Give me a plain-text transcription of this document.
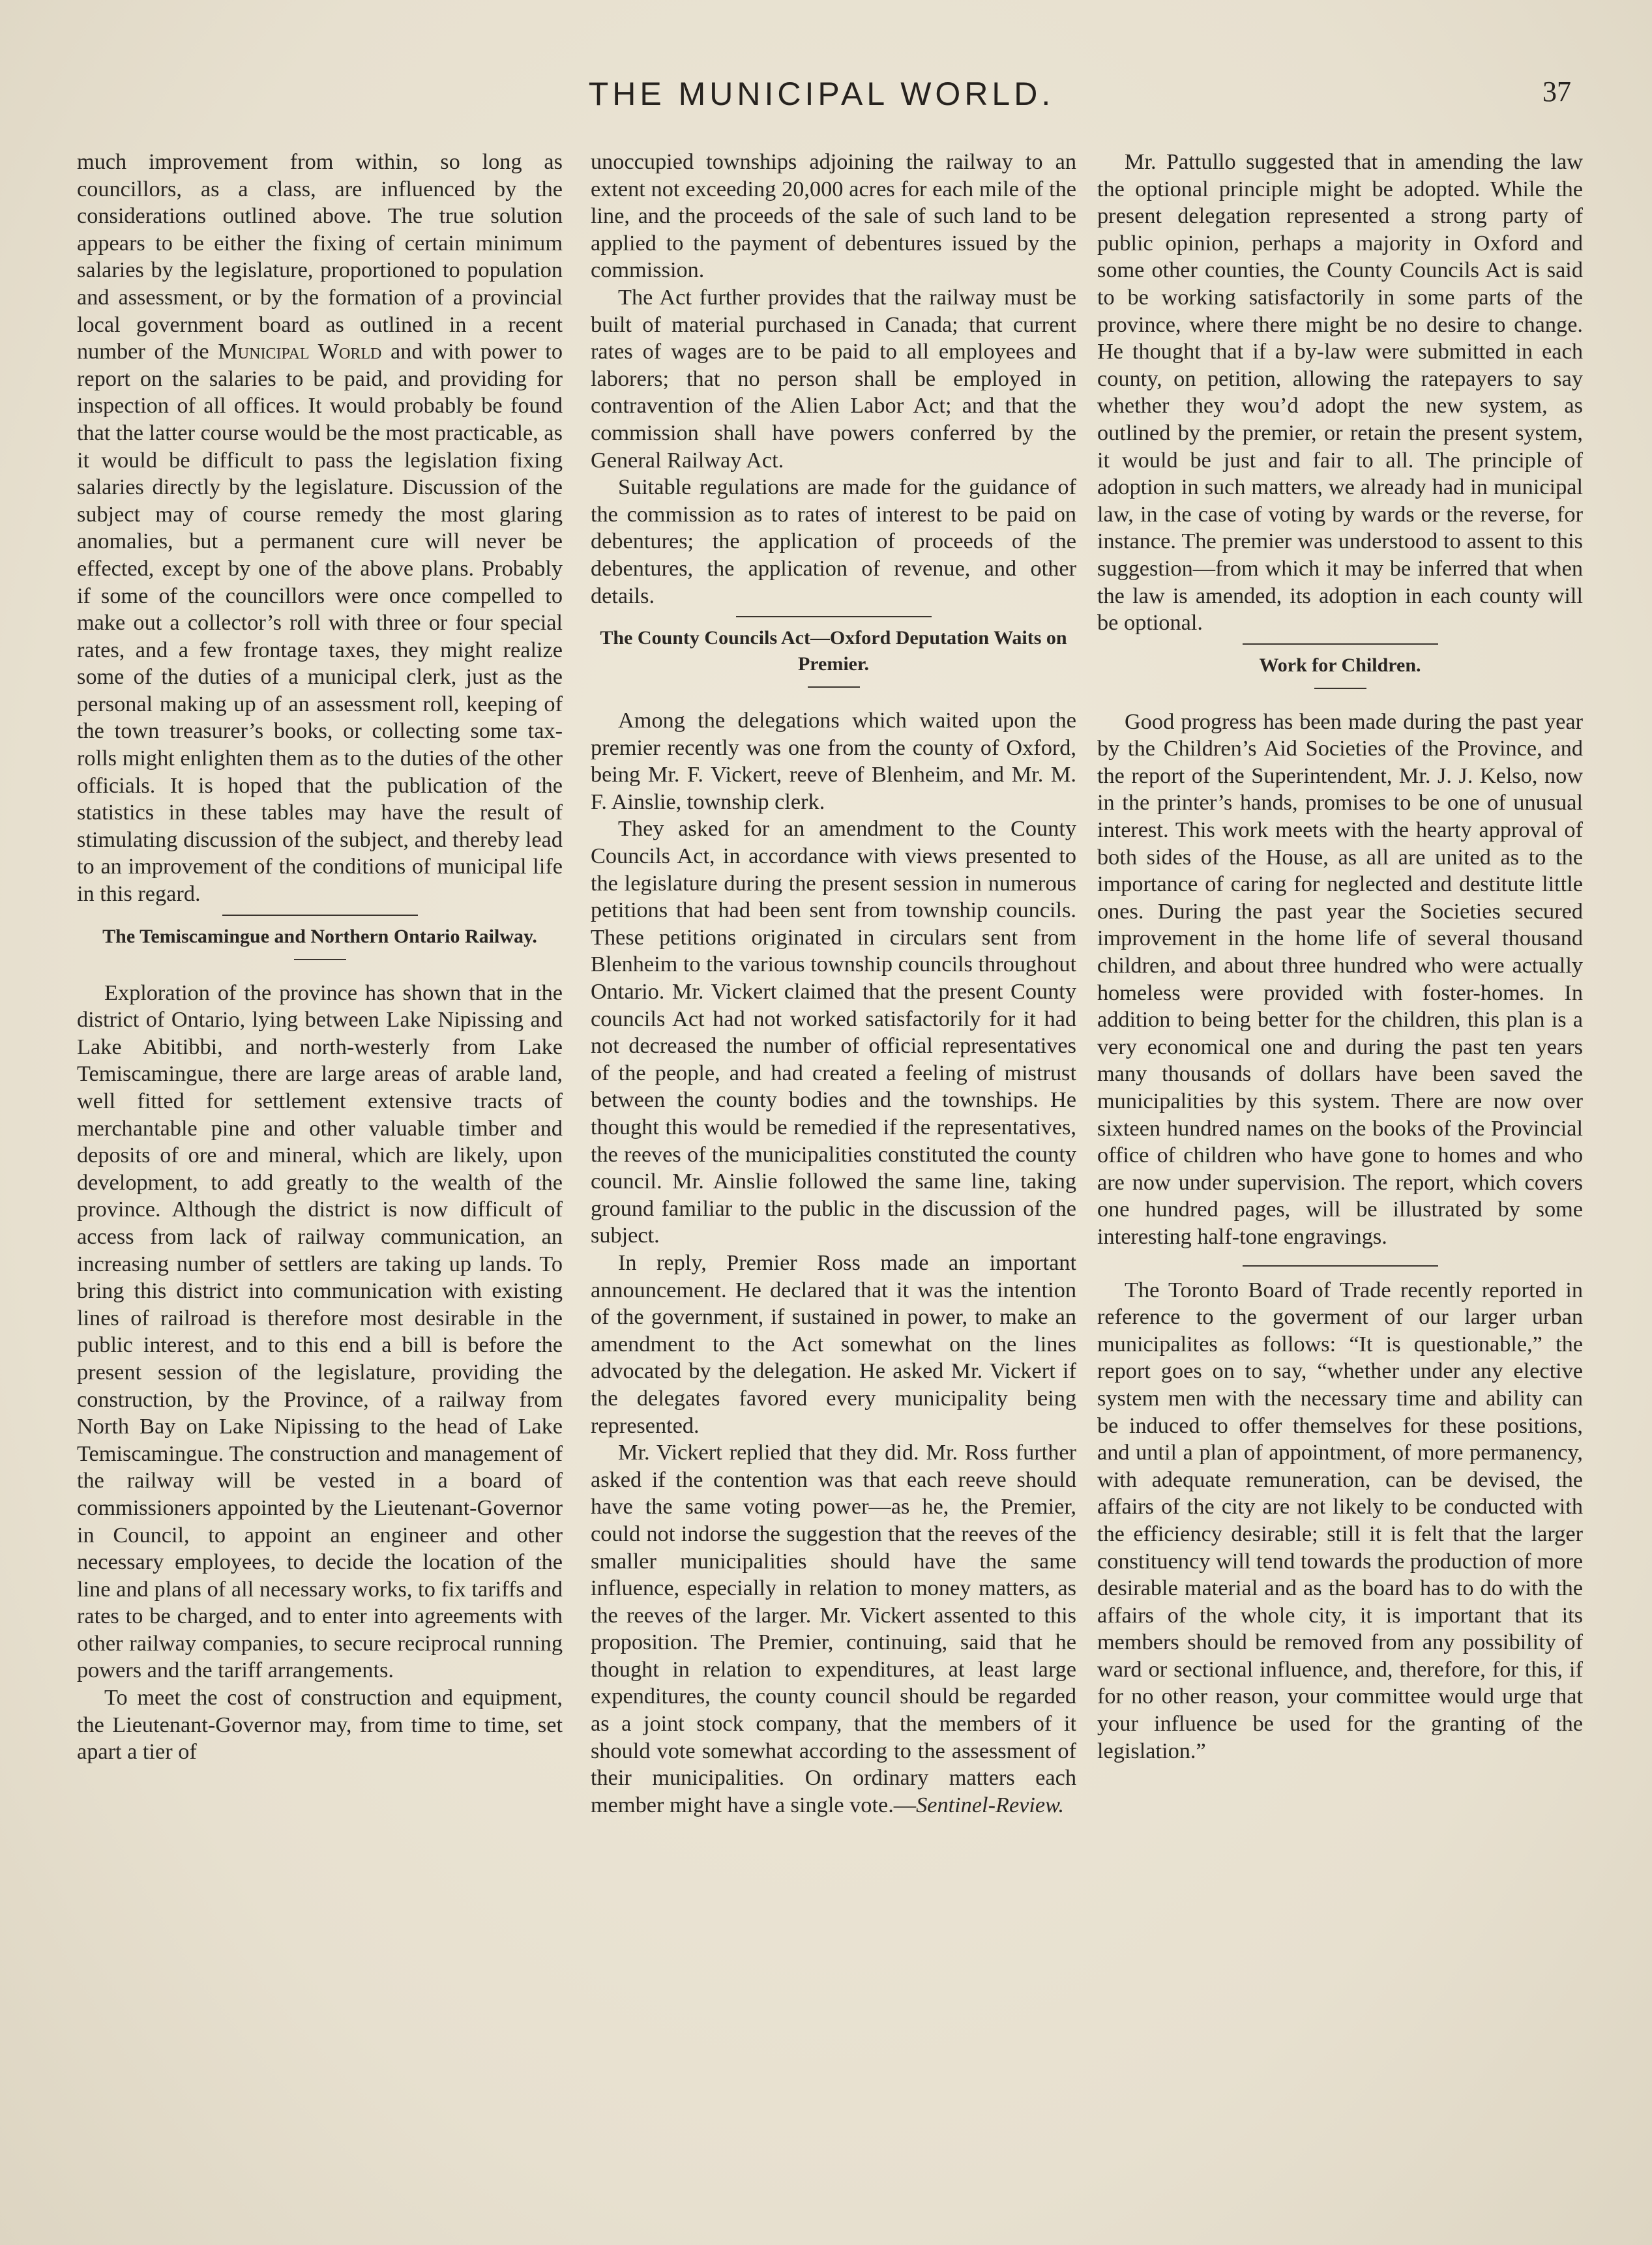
THE MUNICIPAL WORLD.	37

much improvement from within, so long as councillors, as a class, are influenced by the considerations outlined above. The true solution appears to be either the fixing of certain minimum salaries by the legislature, proportioned to population and assessment, or by the formation of a provincial local government board as outlined in a recent number of the Municipal World and with power to report on the salaries to be paid, and providing for inspection of all offices. It would probably be found that the latter course would be the most practicable, as it would be difficult to pass the legislation fixing salaries directly by the legislature. Discussion of the subject may of course remedy the most glaring anomalies, but a permanent cure will never be effected, except by one of the above plans. Probably if some of the councillors were once compelled to make out a collector’s roll with three or four special rates, and a few frontage taxes, they might realize some of the duties of a municipal clerk, just as the personal making up of an assessment roll, keeping of the town treasurer’s books, or collecting some tax-rolls might enlighten them as to the duties of the other officials. It is hoped that the publication of the statistics in these tables may have the result of stimulating discussion of the subject, and thereby lead to an improvement of the conditions of municipal life in this regard.

The Temiscamingue and Northern Ontario Railway.

Exploration of the province has shown that in the district of Ontario, lying between Lake Nipissing and Lake Abitibbi, and north-westerly from Lake Temiscamingue, there are large areas of arable land, well fitted for settlement extensive tracts of merchantable pine and other valuable timber and deposits of ore and mineral, which are likely, upon development, to add greatly to the wealth of the province. Although the district is now difficult of access from lack of railway communication, an increasing number of settlers are taking up lands. To bring this district into communication with existing lines of railroad is therefore most desirable in the public interest, and to this end a bill is before the present session of the legislature, providing the construction, by the Province, of a railway from North Bay on Lake Nipissing to the head of Lake Temiscamingue. The construction and management of the railway will be vested in a board of commissioners appointed by the Lieutenant-Governor in Council, to appoint an engineer and other necessary employees, to decide the location of the line and plans of all necessary works, to fix tariffs and rates to be charged, and to enter into agreements with other railway companies, to secure reciprocal running powers and the tariff arrangements.

To meet the cost of construction and equipment, the Lieutenant-Governor may, from time to time, set apart a tier of

unoccupied townships adjoining the railway to an extent not exceeding 20,000 acres for each mile of the line, and the proceeds of the sale of such land to be applied to the payment of debentures issued by the commission.

The Act further provides that the railway must be built of material purchased in Canada; that current rates of wages are to be paid to all employees and laborers; that no person shall be employed in contravention of the Alien Labor Act; and that the commission shall have powers conferred by the General Railway Act.

Suitable regulations are made for the guidance of the commission as to rates of interest to be paid on debentures; the application of proceeds of the debentures, the application of revenue, and other details.

The County Councils Act—Oxford Deputation Waits on Premier.

Among the delegations which waited upon the premier recently was one from the county of Oxford, being Mr. F. Vickert, reeve of Blenheim, and Mr. M. F. Ainslie, township clerk.

They asked for an amendment to the County Councils Act, in accordance with views presented to the legislature during the present session in numerous petitions that had been sent from township councils. These petitions originated in circulars sent from Blenheim to the various township councils throughout Ontario. Mr. Vickert claimed that the present County councils Act had not worked satisfactorily for it had not decreased the number of official representatives of the people, and had created a feeling of mistrust between the county bodies and the townships. He thought this would be remedied if the representatives, the reeves of the municipalities constituted the county council. Mr. Ainslie followed the same line, taking ground familiar to the public in the discussion of the subject.

In reply, Premier Ross made an important announcement. He declared that it was the intention of the government, if sustained in power, to make an amendment to the Act somewhat on the lines advocated by the delegation. He asked Mr. Vickert if the delegates favored every municipality being represented.

Mr. Vickert replied that they did. Mr. Ross further asked if the contention was that each reeve should have the same voting power—as he, the Premier, could not indorse the suggestion that the reeves of the smaller municipalities should have the same influence, especially in relation to money matters, as the reeves of the larger. Mr. Vickert assented to this proposition. The Premier, continuing, said that he thought in relation to expenditures, at least large expenditures, the county council should be regarded as a joint stock company, that the members of it should vote somewhat according to the assessment of their municipalities. On ordinary matters each member might have a single vote.—Sentinel-Review.

Mr. Pattullo suggested that in amending the law the optional principle might be adopted. While the present delegation represented a strong party of public opinion, perhaps a majority in Oxford and some other counties, the County Councils Act is said to be working satisfactorily in some parts of the province, where there might be no desire to change. He thought that if a by-law were submitted in each county, on petition, allowing the ratepayers to say whether they wou’d adopt the new system, as outlined by the premier, or retain the present system, it would be just and fair to all. The principle of adoption in such matters, we already had in municipal law, in the case of voting by wards or the reverse, for instance. The premier was understood to assent to this suggestion—from which it may be inferred that when the law is amended, its adoption in each county will be optional.

Work for Children.

Good progress has been made during the past year by the Children’s Aid Societies of the Province, and the report of the Superintendent, Mr. J. J. Kelso, now in the printer’s hands, promises to be one of unusual interest. This work meets with the hearty approval of both sides of the House, as all are united as to the importance of caring for neglected and destitute little ones. During the past year the Societies secured improvement in the home life of several thousand children, and about three hundred who were actually homeless were provided with foster-homes. In addition to being better for the children, this plan is a very economical one and during the past ten years many thousands of dollars have been saved the municipalities by this system. There are now over sixteen hundred names on the books of the Provincial office of children who have gone to homes and who are now under supervision. The report, which covers one hundred pages, will be illustrated by some interesting half-tone engravings.

The Toronto Board of Trade recently reported in reference to the goverment of our larger urban municipalites as follows: “It is questionable,” the report goes on to say, “whether under any elective system men with the necessary time and ability can be induced to offer themselves for these positions, and until a plan of appointment, of more permanency, with adequate remuneration, can be devised, the affairs of the city are not likely to be conducted with the efficiency desirable; still it is felt that the larger constituency will tend towards the production of more desirable material and as the board has to do with the affairs of the whole city, it is important that its members should be removed from any possibility of ward or sectional influence, and, therefore, for this, if for no other reason, your committee would urge that your influence be used for the granting of the legislation.”
